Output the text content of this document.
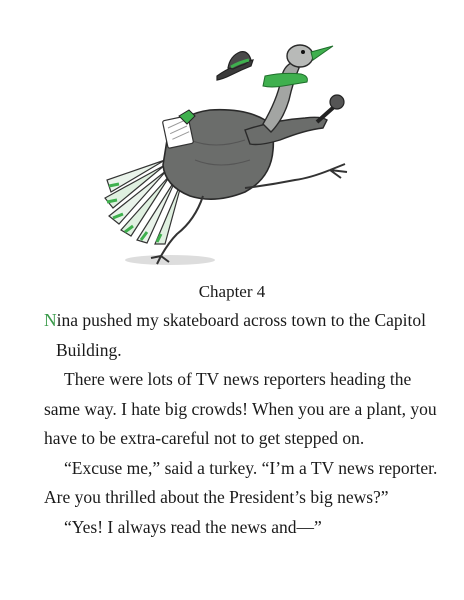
Chapter 4

Nina pushed my skateboard across town to the Capitol Building.

There were lots of TV news reporters heading the same way. I hate big crowds! When you are a plant, you have to be extra-careful not to get stepped on.

“Excuse me,” said a turkey. “I’m a TV news reporter. Are you thrilled about the President’s big news?”

“Yes! I always read the news and—”
